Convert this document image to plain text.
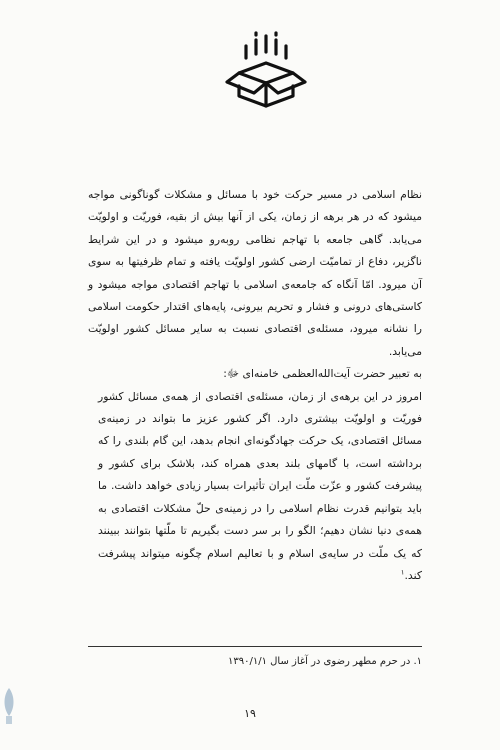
نظام اسلامی در مسیر حرکت خود با مسائل و مشکلات گوناگونی مواجه میشود که در هر برهه از زمان، یکی از آنها بیش از بقیه، فوریّت و اولویّت می‌یابد. گاهی جامعه با تهاجم نظامی روبه‌رو میشود و در این شرایط ناگزیر، دفاع از تمامیّت ارضی کشور اولویّت یافته و تمام ظرفیتها به سوی آن میرود. امّا آنگاه که جامعه‌ی اسلامی با تهاجم اقتصادی مواجه میشود و کاستی‌های درونی و فشار و تحریم بیرونی، پایه‌های اقتدار حکومت اسلامی را نشانه میرود، مسئله‌ی اقتصادی نسبت به سایر مسائل کشور اولویّت می‌یابد.

به تعبیر حضرت آیت‌الله‌العظمی خامنه‌ای ﷻ:

امروز در این برهه‌ی از زمان، مسئله‌ی اقتصادی از همه‌ی مسائل کشور فوریّت و اولویّت بیشتری دارد. اگر کشور عزیز ما بتواند در زمینه‌ی مسائل اقتصادی، یک حرکت جهادگونه‌ای انجام بدهد، این گام بلندی را که برداشته است، با گامهای بلند بعدی همراه کند، بلاشک برای کشور و پیشرفت کشور و عزّت ملّت ایران تأثیرات بسیار زیادی خواهد داشت. ما باید بتوانیم قدرت نظام اسلامی را در زمینه‌ی حلّ مشکلات اقتصادی به همه‌ی دنیا نشان دهیم؛ الگو را بر سر دست بگیریم تا ملّتها بتوانند ببینند که یک ملّت در سایه‌ی اسلام و با تعالیم اسلام چگونه میتواند پیشرفت کند.$^۱$

۱. در حرم مطهر رضوی در آغاز سال ۱۳۹۰/۱/۱
۱۹
